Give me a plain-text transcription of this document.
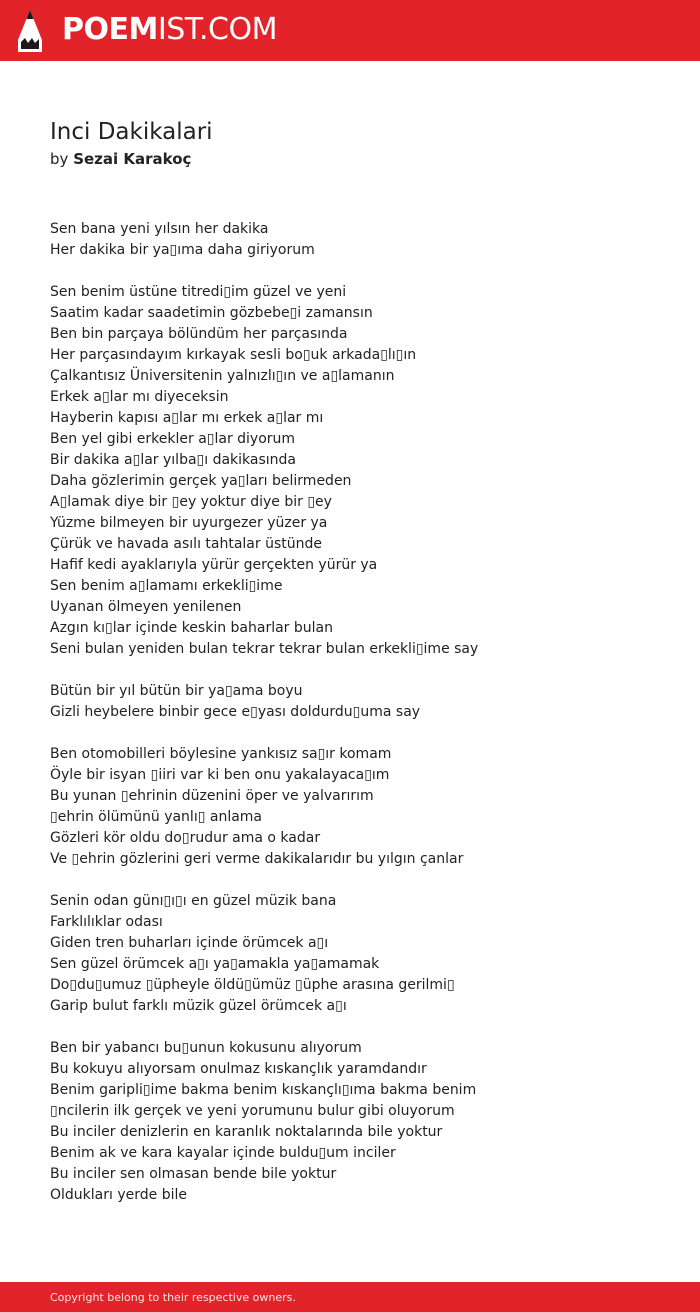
POEMIST.COM
Inci Dakikalari
by Sezai Karakoç
Sen bana yeni yılsın her dakika
Her dakika bir ya▯ıma daha giriyorum
Sen benim üstüne titredi▯im güzel ve yeni
Saatim kadar saadetimin gözbebe▯i zamansın
Ben bin parçaya bölündüm her parçasında
Her parçasındayım kırkayak sesli bo▯uk arkada▯lı▯ın
Çalkantısız Üniversitenin yalnızlı▯ın ve a▯lamanın
Erkek a▯lar mı diyeceksin
Hayberin kapısı a▯lar mı erkek a▯lar mı
Ben yel gibi erkekler a▯lar diyorum
Bir dakika a▯lar yılba▯ı dakikasında
Daha gözlerimin gerçek ya▯ları belirmeden
A▯lamak diye bir ▯ey yoktur diye bir ▯ey
Yüzme bilmeyen bir uyurgezer yüzer ya
Çürük ve havada asılı tahtalar üstünde
Hafif kedi ayaklarıyla yürür gerçekten yürür ya
Sen benim a▯lamamı erkekli▯ime
Uyanan ölmeyen yenilenen
Azgın kı▯lar içinde keskin baharlar bulan
Seni bulan yeniden bulan tekrar tekrar bulan erkekli▯ime say
Bütün bir yıl bütün bir ya▯ama boyu
Gizli heybelere binbir gece e▯yası doldurdu▯uma say
Ben otomobilleri böylesine yankısız sa▯ır komam
Öyle bir isyan ▯iiri var ki ben onu yakalayaca▯ım
Bu yunan ▯ehrinin düzenini öper ve yalvarırım
▯ehrin ölümünü yanlı▯ anlama
Gözleri kör oldu do▯rudur ama o kadar
Ve ▯ehrin gözlerini geri verme dakikalarıdır bu yılgın çanlar
Senin odan günı▯ı▯ı en güzel müzik bana
Farklılıklar odası
Giden tren buharları içinde örümcek a▯ı
Sen güzel örümcek a▯ı ya▯amakla ya▯amamak
Do▯du▯umuz ▯üpheyle öldü▯ümüz ▯üphe arasına gerilmi▯
Garip bulut farklı müzik güzel örümcek a▯ı
Ben bir yabancı bu▯unun kokusunu alıyorum
Bu kokuyu alıyorsam onulmaz kıskançlık yaramdandır
Benim garipli▯ime bakma benim kıskançlı▯ıma bakma benim
▯ncilerin ilk gerçek ve yeni yorumunu bulur gibi oluyorum
Bu inciler denizlerin en karanlık noktalarında bile yoktur
Benim ak ve kara kayalar içinde buldu▯um inciler
Bu inciler sen olmasan bende bile yoktur
Oldukları yerde bile
Copyright belong to their respective owners.
